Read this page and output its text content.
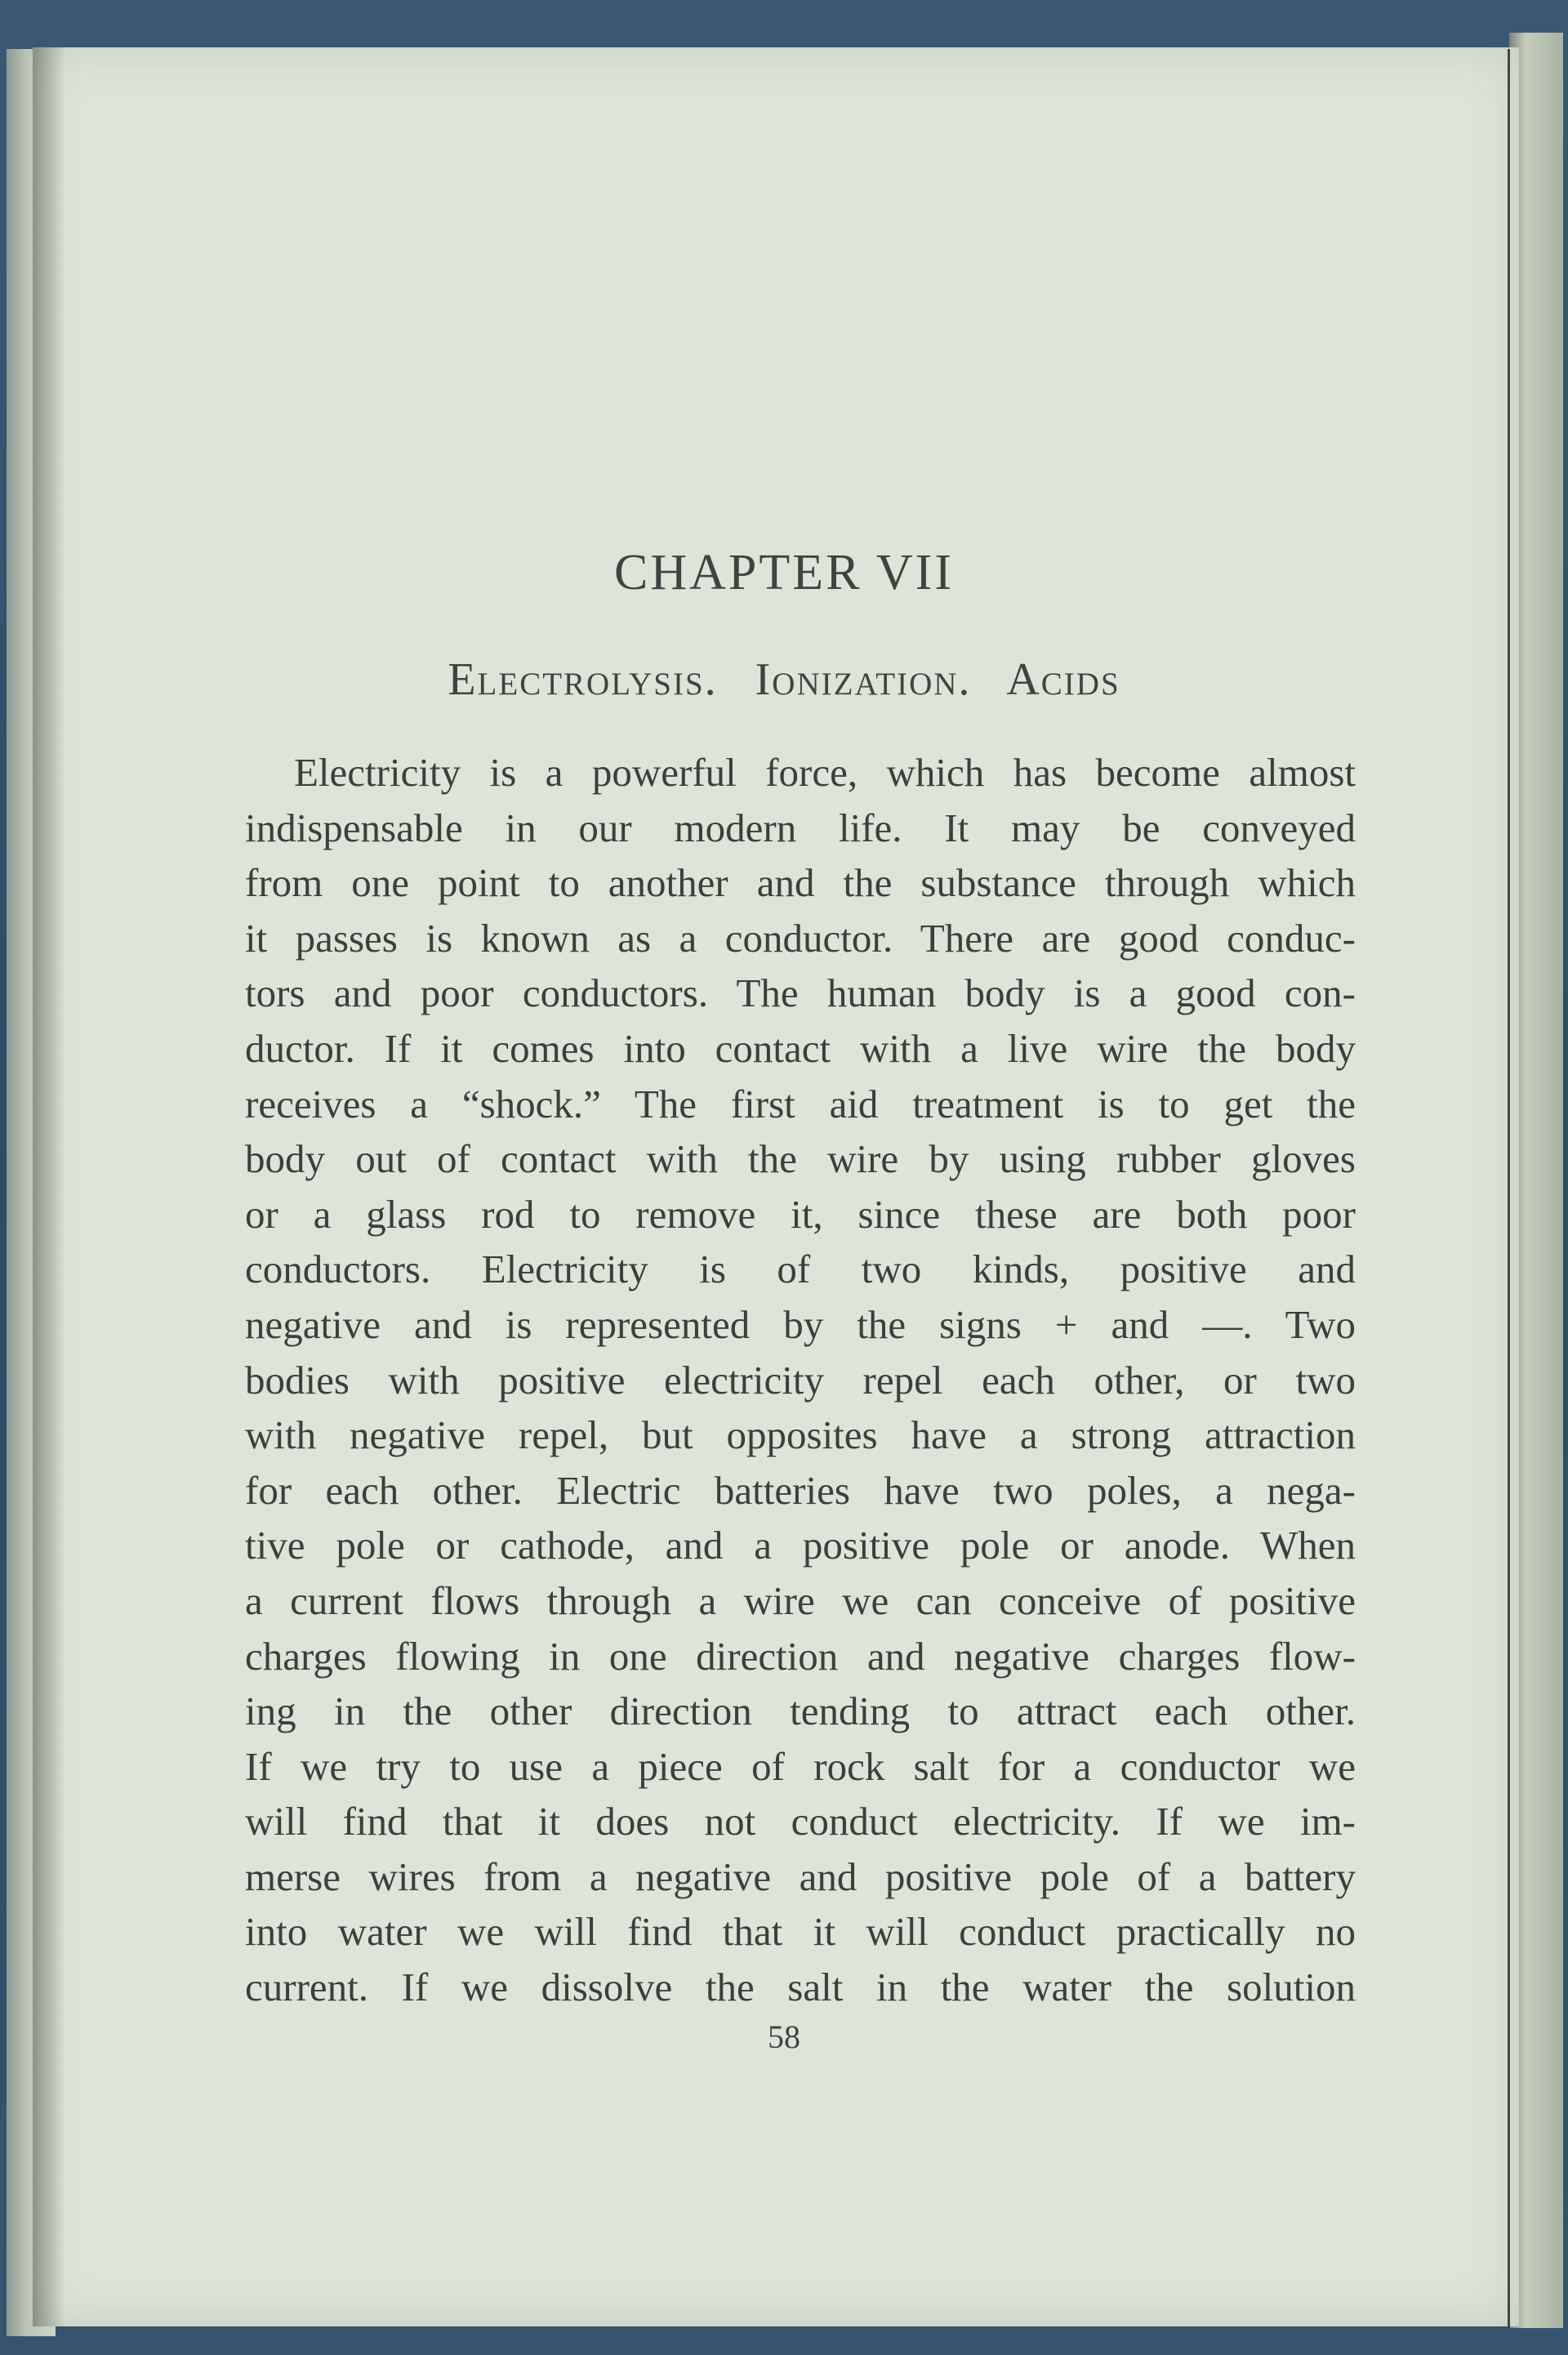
CHAPTER VII
Electrolysis. Ionization. Acids
Electricity is a powerful force, which has become almost
indispensable in our modern life. It may be conveyed
from one point to another and the substance through which
it passes is known as a conductor. There are good conduc-
tors and poor conductors. The human body is a good con-
ductor. If it comes into contact with a live wire the body
receives a “shock.” The first aid treatment is to get the
body out of contact with the wire by using rubber gloves
or a glass rod to remove it, since these are both poor
conductors. Electricity is of two kinds, positive and
negative and is represented by the signs + and —. Two
bodies with positive electricity repel each other, or two
with negative repel, but opposites have a strong attraction
for each other. Electric batteries have two poles, a nega-
tive pole or cathode, and a positive pole or anode. When
a current flows through a wire we can conceive of positive
charges flowing in one direction and negative charges flow-
ing in the other direction tending to attract each other.
If we try to use a piece of rock salt for a conductor we
will find that it does not conduct electricity. If we im-
merse wires from a negative and positive pole of a battery
into water we will find that it will conduct practically no
current. If we dissolve the salt in the water the solution
58
